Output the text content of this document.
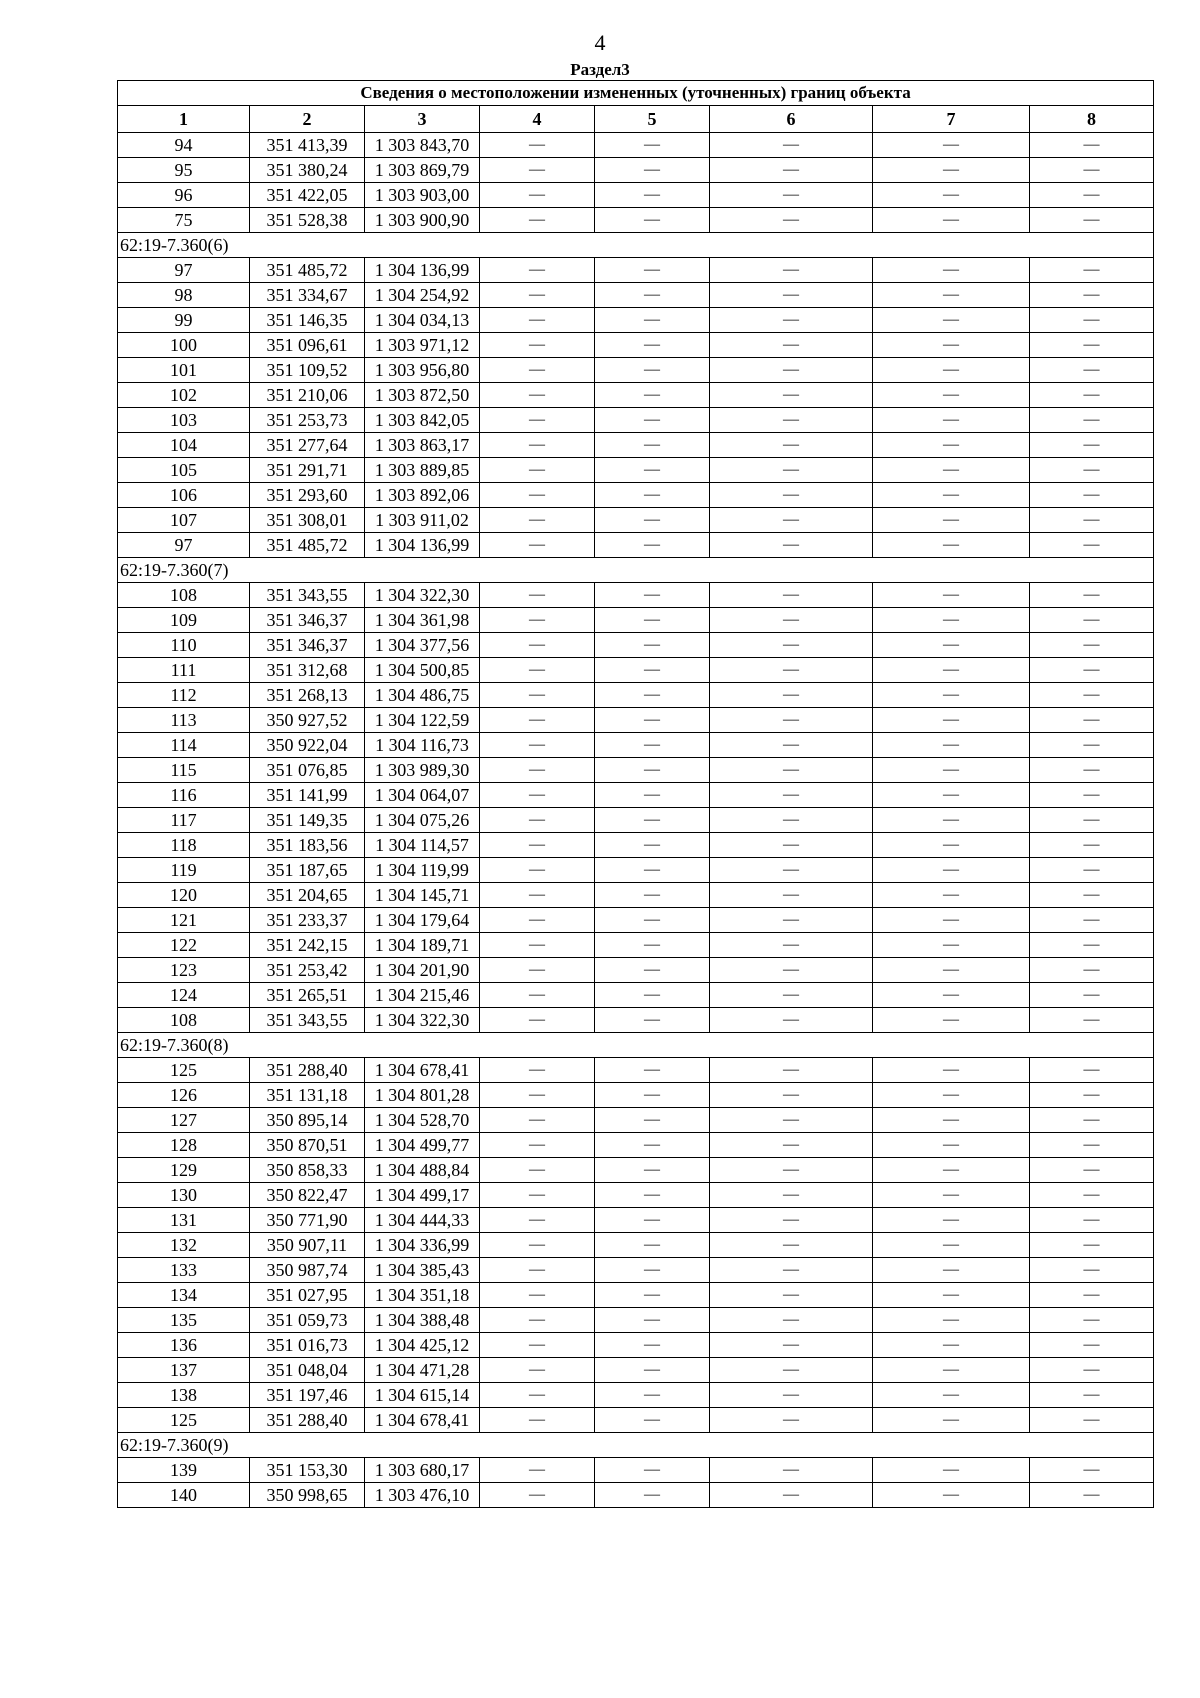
4
Раздел3
Сведения о местоположении измененных (уточненных) границ объекта							
1	2	3	4	5	6	7	8
94	351 413,39	1 303 843,70	—	—	—	—	—
95	351 380,24	1 303 869,79	—	—	—	—	—
96	351 422,05	1 303 903,00	—	—	—	—	—
75	351 528,38	1 303 900,90	—	—	—	—	—
62:19-7.360(6)							
97	351 485,72	1 304 136,99	—	—	—	—	—
98	351 334,67	1 304 254,92	—	—	—	—	—
99	351 146,35	1 304 034,13	—	—	—	—	—
100	351 096,61	1 303 971,12	—	—	—	—	—
101	351 109,52	1 303 956,80	—	—	—	—	—
102	351 210,06	1 303 872,50	—	—	—	—	—
103	351 253,73	1 303 842,05	—	—	—	—	—
104	351 277,64	1 303 863,17	—	—	—	—	—
105	351 291,71	1 303 889,85	—	—	—	—	—
106	351 293,60	1 303 892,06	—	—	—	—	—
107	351 308,01	1 303 911,02	—	—	—	—	—
97	351 485,72	1 304 136,99	—	—	—	—	—
62:19-7.360(7)							
108	351 343,55	1 304 322,30	—	—	—	—	—
109	351 346,37	1 304 361,98	—	—	—	—	—
110	351 346,37	1 304 377,56	—	—	—	—	—
111	351 312,68	1 304 500,85	—	—	—	—	—
112	351 268,13	1 304 486,75	—	—	—	—	—
113	350 927,52	1 304 122,59	—	—	—	—	—
114	350 922,04	1 304 116,73	—	—	—	—	—
115	351 076,85	1 303 989,30	—	—	—	—	—
116	351 141,99	1 304 064,07	—	—	—	—	—
117	351 149,35	1 304 075,26	—	—	—	—	—
118	351 183,56	1 304 114,57	—	—	—	—	—
119	351 187,65	1 304 119,99	—	—	—	—	—
120	351 204,65	1 304 145,71	—	—	—	—	—
121	351 233,37	1 304 179,64	—	—	—	—	—
122	351 242,15	1 304 189,71	—	—	—	—	—
123	351 253,42	1 304 201,90	—	—	—	—	—
124	351 265,51	1 304 215,46	—	—	—	—	—
108	351 343,55	1 304 322,30	—	—	—	—	—
62:19-7.360(8)							
125	351 288,40	1 304 678,41	—	—	—	—	—
126	351 131,18	1 304 801,28	—	—	—	—	—
127	350 895,14	1 304 528,70	—	—	—	—	—
128	350 870,51	1 304 499,77	—	—	—	—	—
129	350 858,33	1 304 488,84	—	—	—	—	—
130	350 822,47	1 304 499,17	—	—	—	—	—
131	350 771,90	1 304 444,33	—	—	—	—	—
132	350 907,11	1 304 336,99	—	—	—	—	—
133	350 987,74	1 304 385,43	—	—	—	—	—
134	351 027,95	1 304 351,18	—	—	—	—	—
135	351 059,73	1 304 388,48	—	—	—	—	—
136	351 016,73	1 304 425,12	—	—	—	—	—
137	351 048,04	1 304 471,28	—	—	—	—	—
138	351 197,46	1 304 615,14	—	—	—	—	—
125	351 288,40	1 304 678,41	—	—	—	—	—
62:19-7.360(9)							
139	351 153,30	1 303 680,17	—	—	—	—	—
140	350 998,65	1 303 476,10	—	—	—	—	—
